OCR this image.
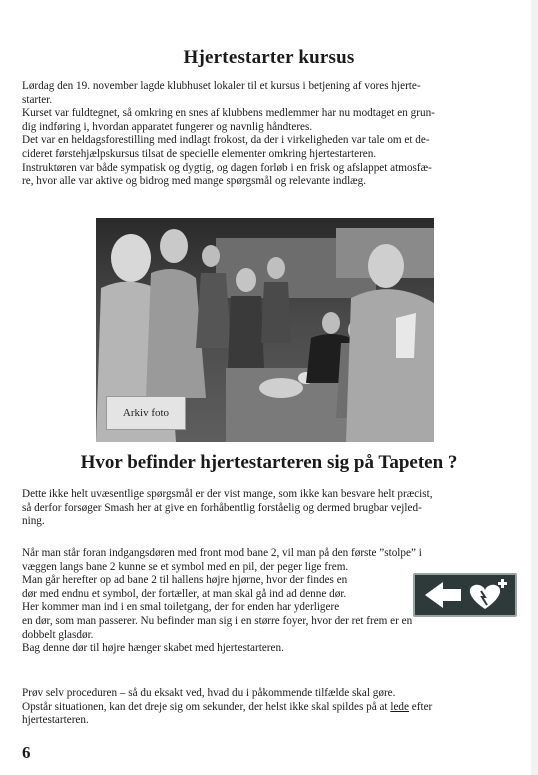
Hjertestarter kursus
Lørdag den 19. november lagde klubhuset lokaler til et kursus i betjening af vores hjerte-
starter.
Kurset var fuldtegnet, så omkring en snes af klubbens medlemmer har nu modtaget en grun-
dig indføring i, hvordan apparatet fungerer og navnlig håndteres.
Det var en heldagsforestilling med indlagt frokost, da der i virkeligheden var tale om et de-
cideret førstehjælpskursus tilsat de specielle elementer omkring hjertestarteren.
Instruktøren var både sympatisk og dygtig, og dagen forløb i en frisk og afslappet atmosfæ-
re, hvor alle var aktive og bidrog med mange spørgsmål og relevante indlæg.
Arkiv foto
Hvor befinder hjertestarteren sig på Tapeten ?
Dette ikke helt uvæsentlige spørgsmål er der vist mange, som ikke kan besvare helt præcist,
så derfor forsøger Smash her at give en forhåbentlig forståelig og dermed brugbar vejled-
ning.
Når man står foran indgangsdøren med front mod bane 2, vil man på den første ”stolpe” i
væggen langs bane 2 kunne se et symbol med en pil, der peger lige frem.
Man går herefter op ad bane 2 til hallens højre hjørne, hvor der findes en
dør med endnu et symbol, der fortæller, at man skal gå ind ad denne dør.
Her kommer man ind i en smal toiletgang, der for enden har yderligere
en dør, som man passerer. Nu befinder man sig i en større foyer, hvor der ret frem er en
dobbelt glasdør.
Bag denne dør til højre hænger skabet med hjertestarteren.
Prøv selv proceduren – så du eksakt ved, hvad du i påkommende tilfælde skal gøre.
Opstår situationen, kan det dreje sig om sekunder, der helst ikke skal spildes på at lede efter
hjertestarteren.
6
